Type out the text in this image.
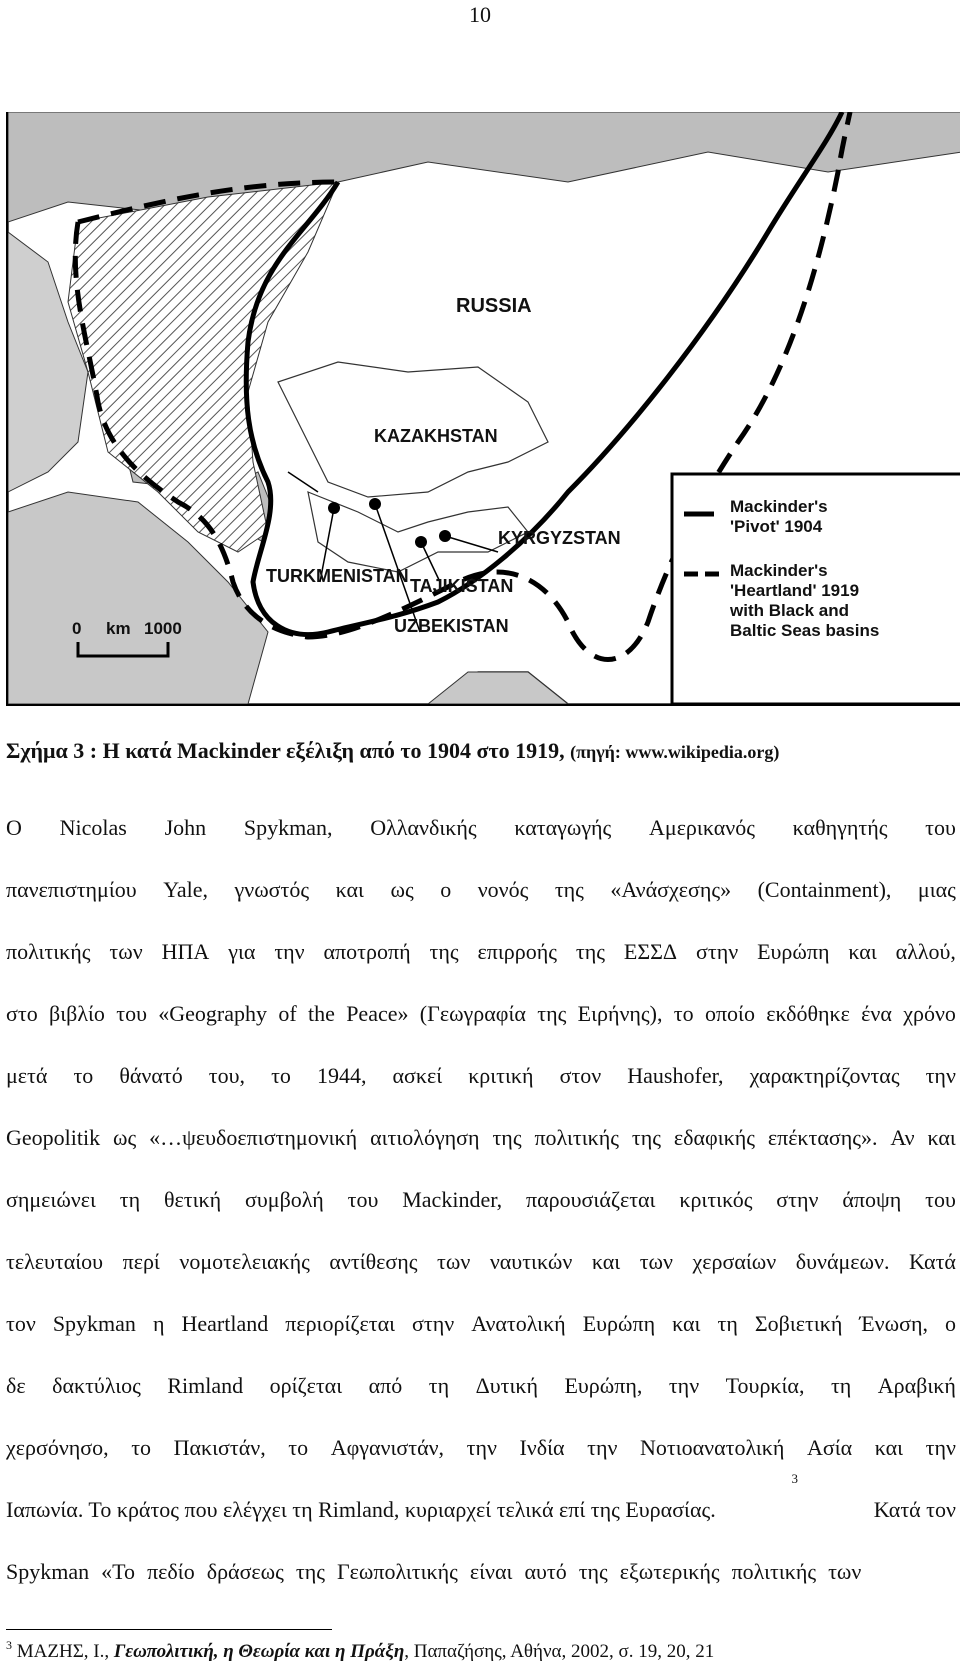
10
RUSSIA
KAZAKHSTAN
KYRGYZSTAN
TURKMENISTAN TAJIKISTAN
UZBEKISTAN
0 km 1000
Mackinder's
'Pivot' 1904
Mackinder's
'Heartland' 1919
with Black and
Baltic Seas basins
Σχήμα 3 : Η κατά Mackinder εξέλιξη από το 1904 στο 1919, (πηγή: www.wikipedia.org)
Ο Nicolas John Spykman, Ολλανδικής καταγωγής Αμερικανός καθηγητής του
πανεπιστημίου Yale, γνωστός και ως ο νονός της «Ανάσχεσης» (Containment), μιας
πολιτικής των ΗΠΑ για την αποτροπή της επιρροής της ΕΣΣΔ στην Ευρώπη και αλλού,
στο βιβλίο του «Geography of the Peace» (Γεωγραφία της Ειρήνης), το οποίο εκδόθηκε ένα χρόνο
μετά το θάνατό του, το 1944, ασκεί κριτική στον Haushofer, χαρακτηρίζοντας την
Geopolitik ως «…ψευδοεπιστημονική αιτιολόγηση της πολιτικής της εδαφικής επέκτασης». Αν και
σημειώνει τη θετική συμβολή του Mackinder, παρουσιάζεται κριτικός στην άποψη του
τελευταίου περί νομοτελειακής αντίθεσης των ναυτικών και των χερσαίων δυνάμεων. Κατά
τον Spykman η Heartland περιορίζεται στην Ανατολική Ευρώπη και τη Σοβιετική Ένωση, ο
δε δακτύλιος Rimland ορίζεται από τη Δυτική Ευρώπη, την Τουρκία, τη Αραβική
χερσόνησο, το Πακιστάν, το Αφγανιστάν, την Ινδία την Νοτιοανατολική Ασία και την
Ιαπωνία. Το κράτος που ελέγχει τη Rimland, κυριαρχεί τελικά επί της Ευρασίας.
3
Κατά τον
Spykman «Το πεδίο δράσεως της Γεωπολιτικής είναι αυτό της εξωτερικής πολιτικής των
$^3$ ΜΑΖΗΣ, Ι., Γεωπολιτική, η Θεωρία και η Πράξη, Παπαζήσης, Αθήνα, 2002, σ. 19, 20, 21
